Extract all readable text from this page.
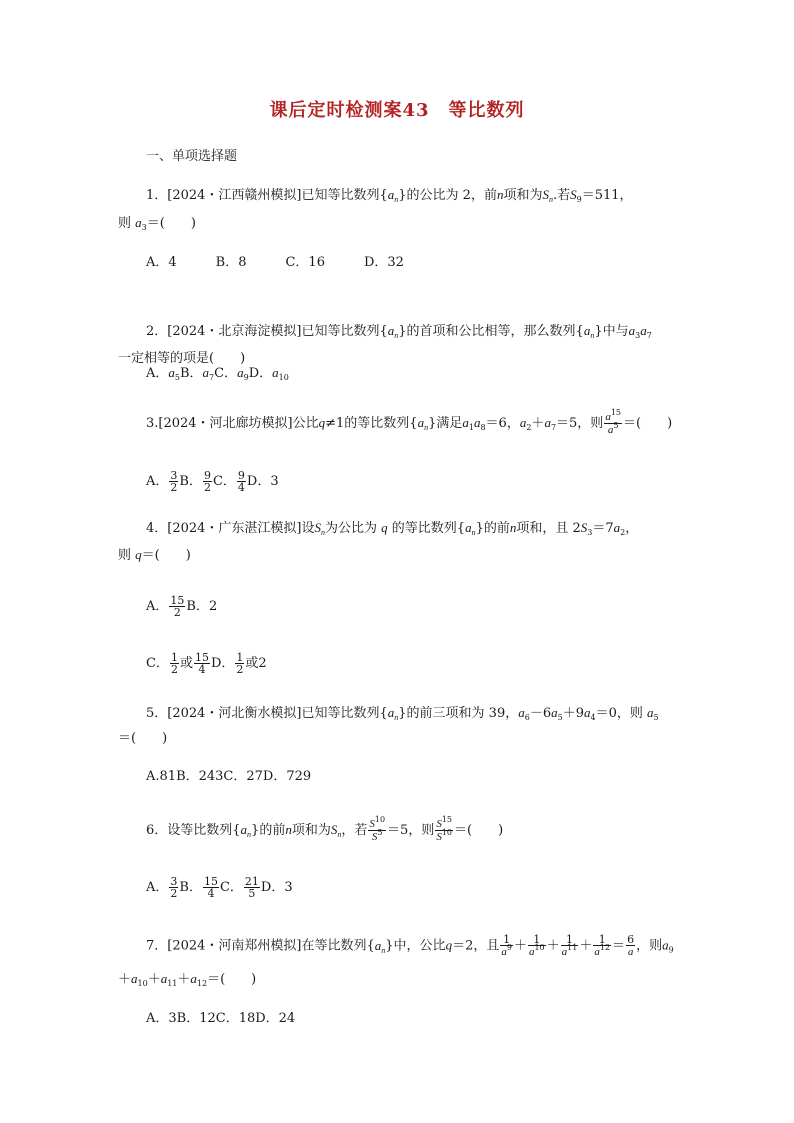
课后定时检测案43　等比数列
一、单项选择题
1．[2024・江西赣州模拟]已知等比数列$\{a_n\}$的公比为 2，前n项和为$S_n$.若$S_9=511$，
则 $a_3=$(　　)
A．4　　　B．8　　　C．16　　　D．32
2．[2024・北京海淀模拟]已知等比数列$\{a_n\}$的首项和公比相等，那么数列$\{a_n\}$中与$a_3a_7$
一定相等的项是(　　)
A．$a_5B$．$a_7C$．$a_9D$．$a_{10}$
3.[2024・河北廊坊模拟]公比q≠1的等比数列$\{a_n\}$满足$a_1a_8=6$，$a_2+a_7=5$，则 $\frac{a^{15}}{a^5}$ ＝(　　)
A． $\frac{3}{2}$ B． $\frac{9}{2}$ C． $\frac{9}{4}$ D．3
4．[2024・广东湛江模拟]设$S_n$为公比为 q 的等比数列$\{a_n\}$的前n项和，且 $2S_3=7a_2$，
则 q＝(　　)
A． $\frac{15}{2}$ B．2
C． $\frac{1}{2}$ 或 $\frac{15}{4}$ D． $\frac{1}{2}$ 或2
5．[2024・河北衡水模拟]已知等比数列$\{a_n\}$的前三项和为 39，$a_6-6a_5+9a_4=0$，则 $a_5$
＝(　　)
A.81B．243C．27D．729
6．设等比数列$\{a_n\}$的前n项和为$S_n$，若 $\frac{S^{10}}{S^5} =5$，则 $\frac{S^{15}}{S^{10}}$ ＝(　　)
A． $\frac{3}{2}$ B． $\frac{15}{4}$ C． $\frac{21}{5}$ D．3
7．[2024・河南郑州模拟]在等比数列$\{a_n\}$中，公比q＝2，且 $\frac{1}{a^9} + \frac{1}{a^{10}} + \frac{1}{a^{11}} + \frac{1}{a^{12}} = \frac{6}{a}$ ，则$a_9$
$+a_{10}+a_{11}+a_{12}=$(　　)
A．3B．12C．18D．24
